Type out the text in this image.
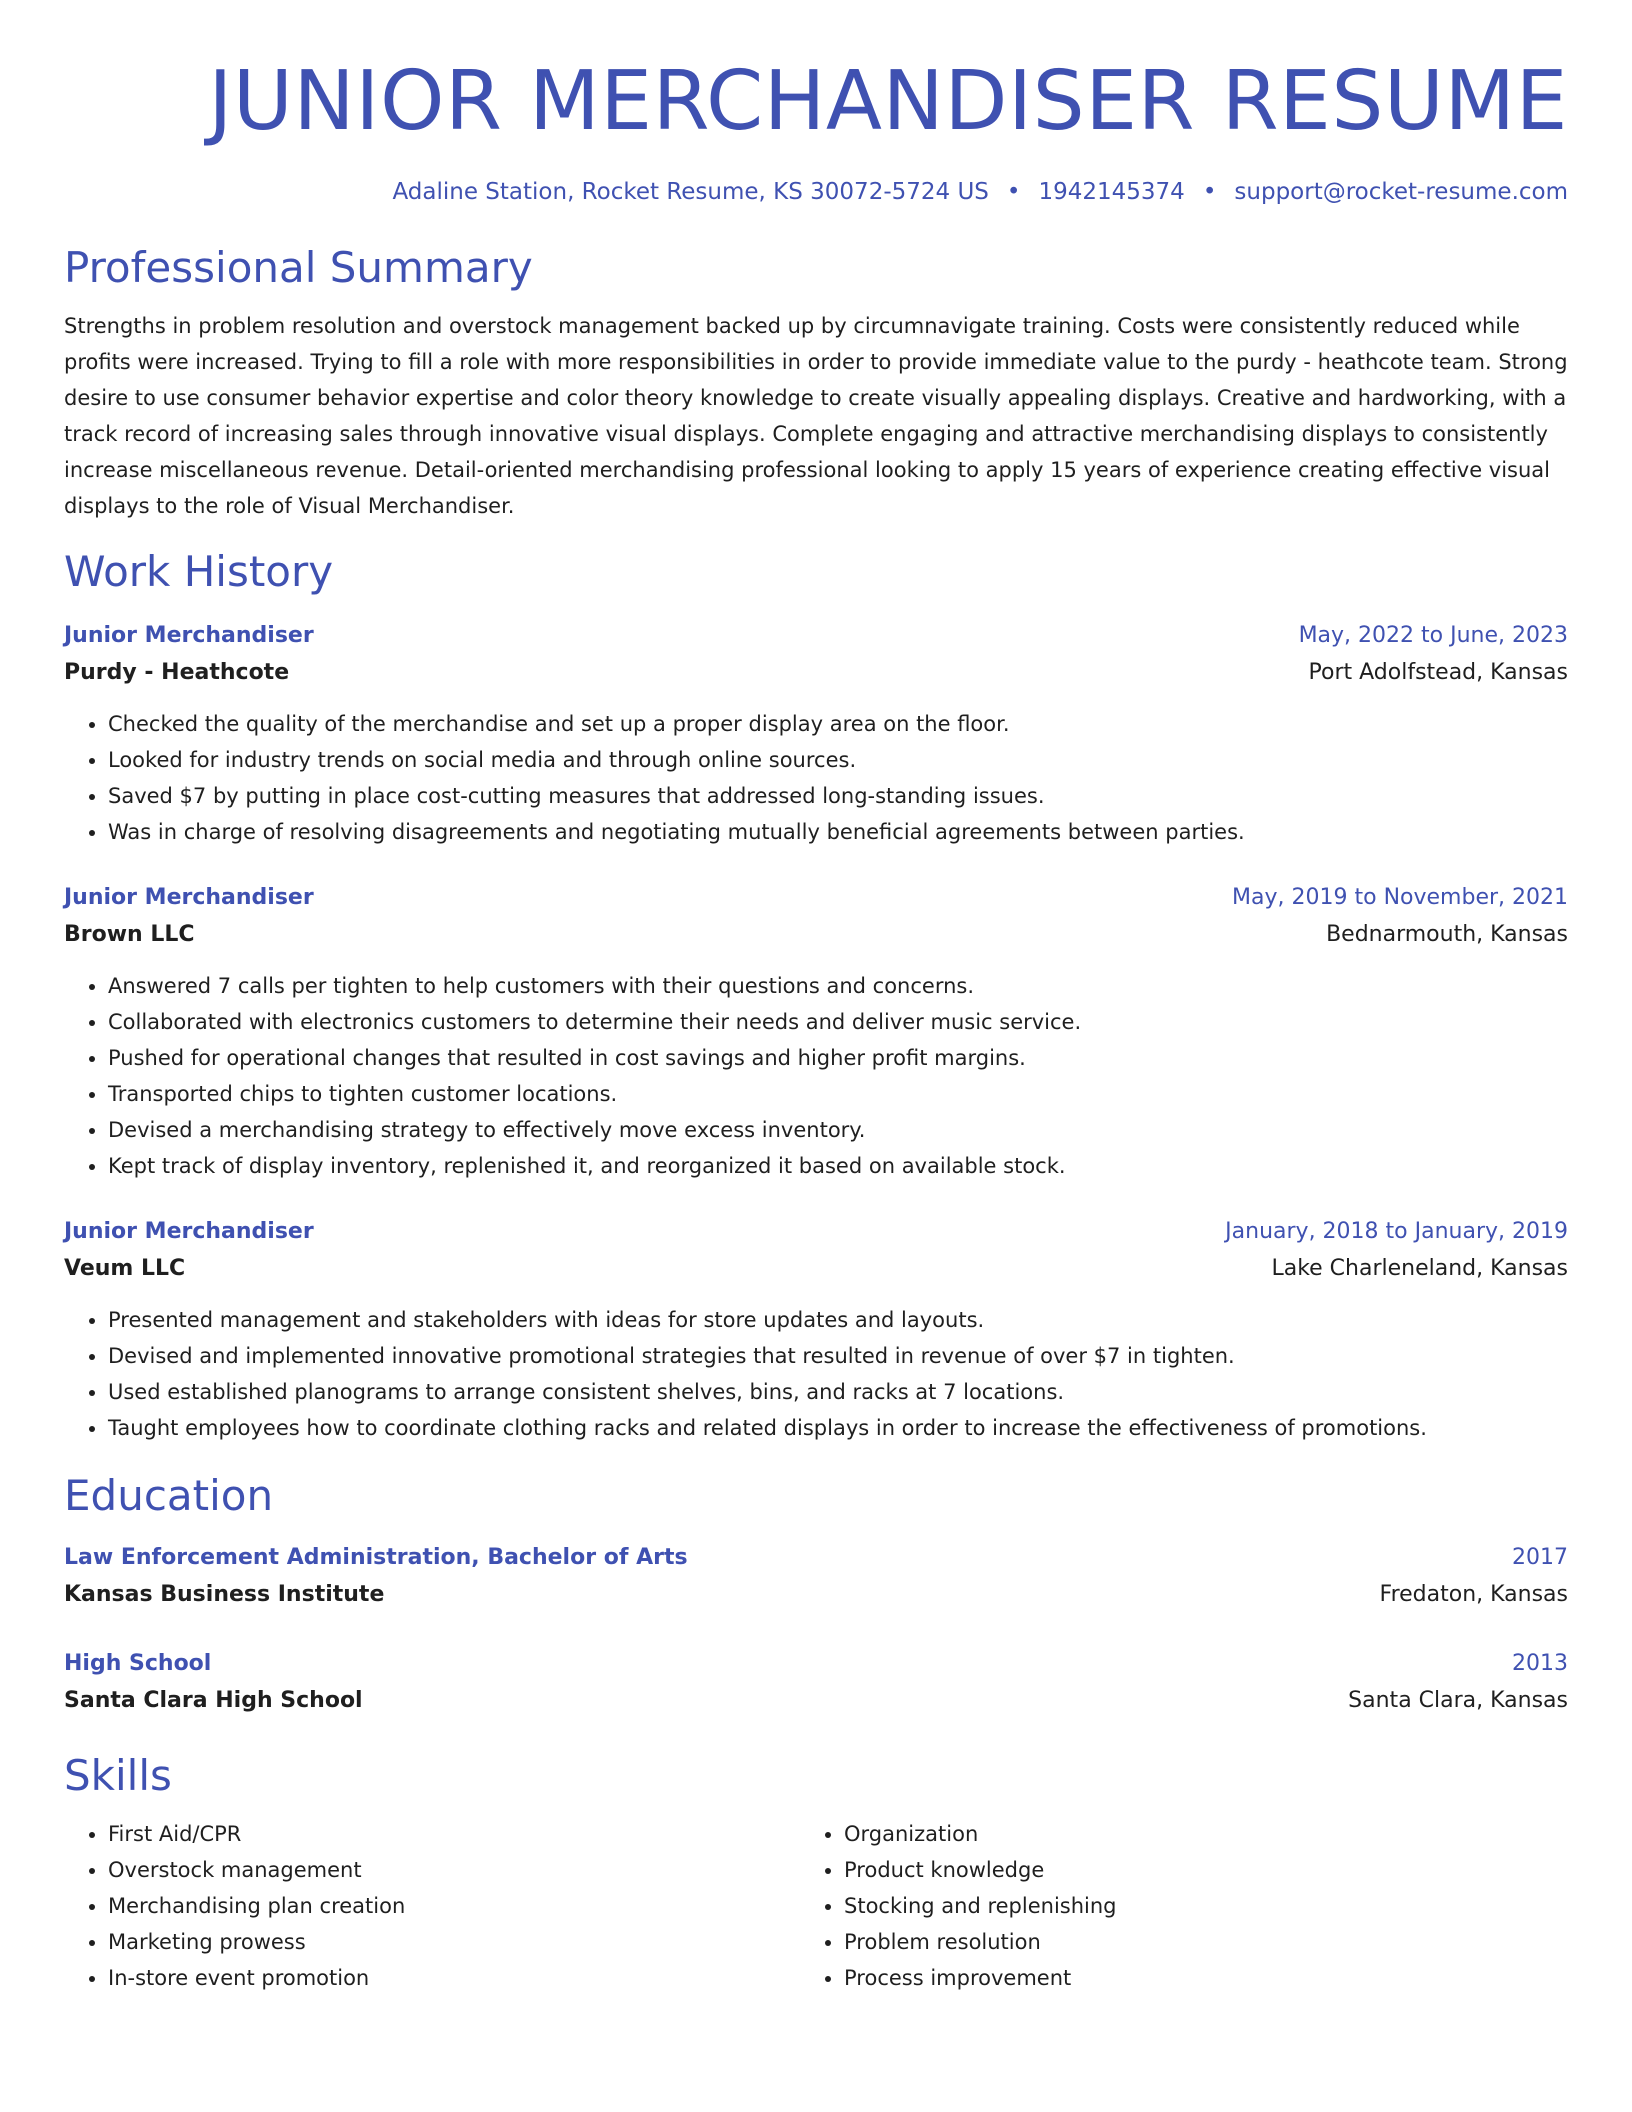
JUNIOR MERCHANDISER RESUME
Adaline Station, Rocket Resume, KS 30072-5724 US • 1942145374 • support@rocket-resume.com
Professional Summary

Strengths in problem resolution and overstock management backed up by circumnavigate training. Costs were consistently reduced while profits were increased. Trying to fill a role with more responsibilities in order to provide immediate value to the purdy - heathcote team. Strong desire to use consumer behavior expertise and color theory knowledge to create visually appealing displays. Creative and hardworking, with a track record of increasing sales through innovative visual displays. Complete engaging and attractive merchandising displays to consistently increase miscellaneous revenue. Detail-oriented merchandising professional looking to apply 15 years of experience creating effective visual displays to the role of Visual Merchandiser.

Work History
Junior Merchandiser	May, 2022 to June, 2023
Purdy - Heathcote	Port Adolfstead, Kansas
• Checked the quality of the merchandise and set up a proper display area on the floor.
• Looked for industry trends on social media and through online sources.
• Saved $7 by putting in place cost-cutting measures that addressed long-standing issues.
• Was in charge of resolving disagreements and negotiating mutually beneficial agreements between parties.
Junior Merchandiser	May, 2019 to November, 2021
Brown LLC	Bednarmouth, Kansas
• Answered 7 calls per tighten to help customers with their questions and concerns.
• Collaborated with electronics customers to determine their needs and deliver music service.
• Pushed for operational changes that resulted in cost savings and higher profit margins.
• Transported chips to tighten customer locations.
• Devised a merchandising strategy to effectively move excess inventory.
• Kept track of display inventory, replenished it, and reorganized it based on available stock.
Junior Merchandiser	January, 2018 to January, 2019
Veum LLC	Lake Charleneland, Kansas
• Presented management and stakeholders with ideas for store updates and layouts.
• Devised and implemented innovative promotional strategies that resulted in revenue of over $7 in tighten.
• Used established planograms to arrange consistent shelves, bins, and racks at 7 locations.
• Taught employees how to coordinate clothing racks and related displays in order to increase the effectiveness of promotions.
Education
Law Enforcement Administration, Bachelor of Arts	2017
Kansas Business Institute	Fredaton, Kansas
High School	2013
Santa Clara High School	Santa Clara, Kansas
Skills
• First Aid/CPR
• Overstock management
• Merchandising plan creation
• Marketing prowess
• In-store event promotion
• Organization
• Product knowledge
• Stocking and replenishing
• Problem resolution
• Process improvement
